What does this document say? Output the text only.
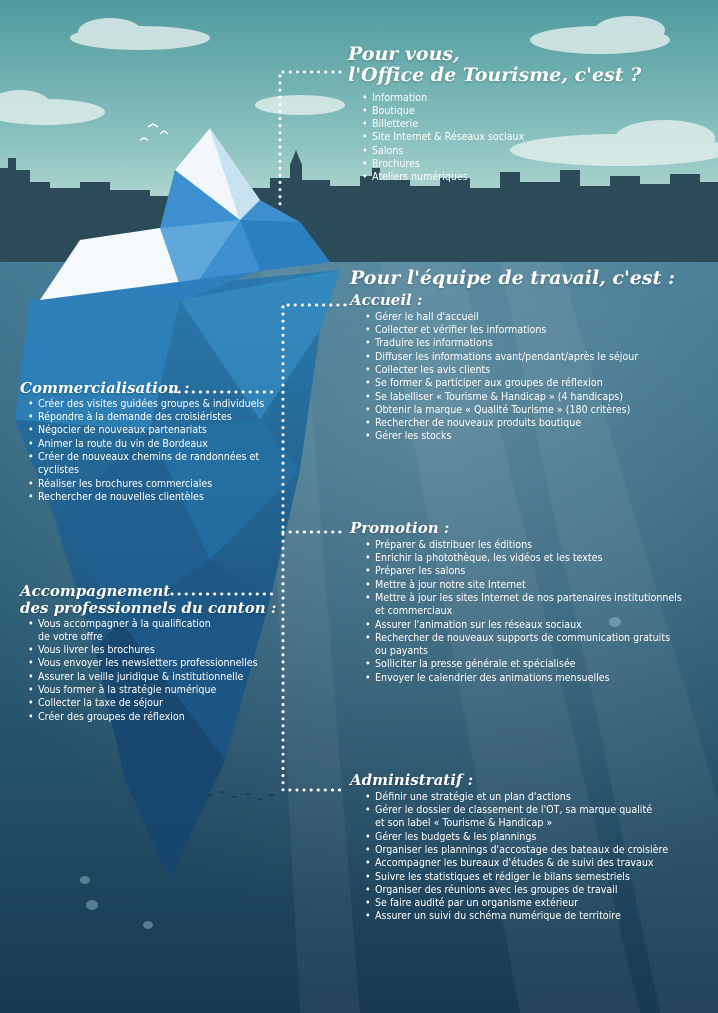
Pour vous,
l'Office de Tourisme, c'est ?
• Information
• Boutique
• Billetterie
• Site Internet & Réseaux sociaux
• Salons
• Brochures
• Ateliers numériques
Pour l'équipe de travail, c'est :
Accueil :
• Gérer le hall d'accueil
• Collecter et vérifier les informations
• Traduire les informations
• Diffuser les informations avant/pendant/après le séjour
• Collecter les avis clients
• Se former & participer aux groupes de réflexion
• Se labelliser « Tourisme & Handicap » (4 handicaps)
• Obtenir la marque « Qualité Tourisme » (180 critères)
• Rechercher de nouveaux produits boutique
• Gérer les stocks
Commercialisation :
• Créer des visites guidées groupes & individuels
• Répondre à la demande des croisiéristes
• Négocier de nouveaux partenariats
• Animer la route du vin de Bordeaux
• Créer de nouveaux chemins de randonnées et
cyclistes
• Réaliser les brochures commerciales
• Rechercher de nouvelles clientèles
Promotion :
• Préparer & distribuer les éditions
• Enrichir la photothèque, les vidéos et les textes
• Préparer les salons
• Mettre à jour notre site Internet
• Mettre à jour les sites Internet de nos partenaires institutionnels
et commerciaux
• Assurer l'animation sur les réseaux sociaux
• Rechercher de nouveaux supports de communication gratuits
ou payants
• Solliciter la presse générale et spécialisée
• Envoyer le calendrier des animations mensuelles
Accompagnement
des professionnels du canton :
• Vous accompagner à la qualification
de votre offre
• Vous livrer les brochures
• Vous envoyer les newsletters professionnelles
• Assurer la veille juridique & institutionnelle
• Vous former à la stratégie numérique
• Collecter la taxe de séjour
• Créer des groupes de réflexion
Administratif :
• Définir une stratégie et un plan d'actions
• Gérer le dossier de classement de l'OT, sa marque qualité
et son label « Tourisme & Handicap »
• Gérer les budgets & les plannings
• Organiser les plannings d'accostage des bateaux de croisière
• Accompagner les bureaux d'études & de suivi des travaux
• Suivre les statistiques et rédiger le bilans semestriels
• Organiser des réunions avec les groupes de travail
• Se faire audité par un organisme extérieur
• Assurer un suivi du schéma numérique de territoire
